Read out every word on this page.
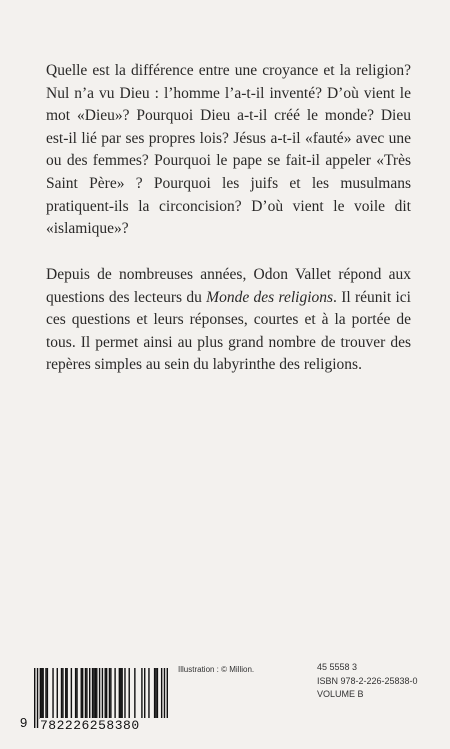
Quelle est la différence entre une croyance et la religion? Nul n’a vu Dieu : l’homme l’a-t-il inventé? D’où vient le mot «Dieu»? Pourquoi Dieu a-t-il créé le monde? Dieu est-il lié par ses propres lois? Jésus a-t-il «fauté» avec une ou des femmes? Pourquoi le pape se fait-il appeler «Très Saint Père» ? Pourquoi les juifs et les musulmans pratiquent-ils la circoncision? D’où vient le voile dit «islamique»?

Depuis de nombreuses années, Odon Vallet répond aux questions des lecteurs du Monde des religions. Il réunit ici ces questions et leurs réponses, courtes et à la portée de tous. Il permet ainsi au plus grand nombre de trouver des repères simples au sein du labyrinthe des religions.

Illustration : © Million.	45 5558 3
ISBN 978-2-226-25838-0
VOLUME B
9 782226258380
